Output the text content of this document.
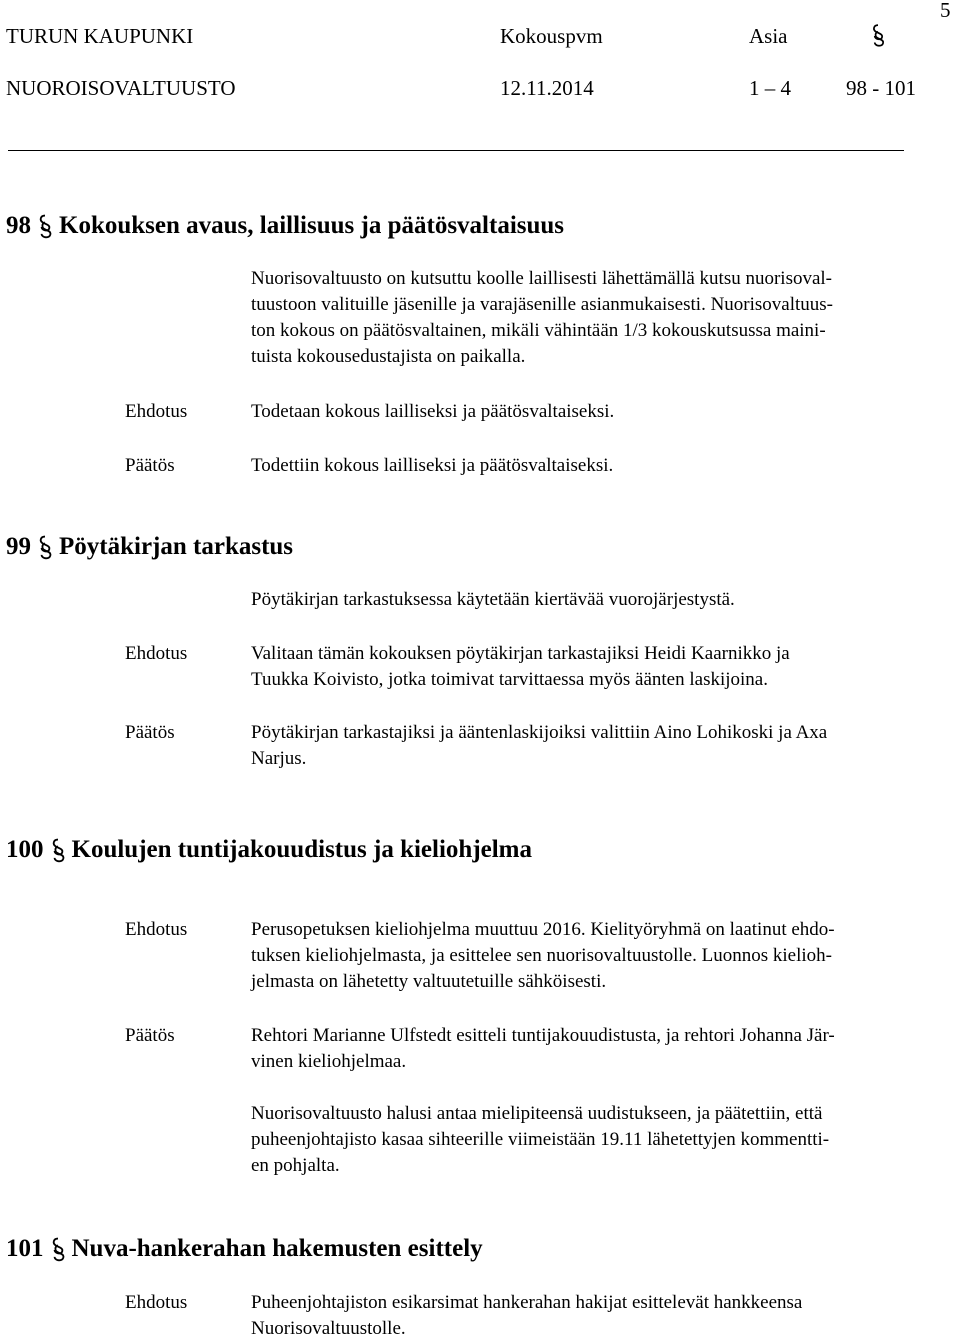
5
TURUN KAUPUNKI	Kokouspvm	Asia
NUOROISOVALTUUSTO	12.11.2014	1 – 4	98 - 101
98 Kokouksen avaus, laillisuus ja päätösvaltaisuus
Nuorisovaltuusto on kutsuttu koolle laillisesti lähettämällä kutsu nuorisoval-
tuustoon valituille jäsenille ja varajäsenille asianmukaisesti. Nuorisovaltuus-
ton kokous on päätösvaltainen, mikäli vähintään 1/3 kokouskutsussa maini-
tuista kokousedustajista on paikalla.
Ehdotus	Todetaan kokous lailliseksi ja päätösvaltaiseksi.
Päätös	Todettiin kokous lailliseksi ja päätösvaltaiseksi.
99 Pöytäkirjan tarkastus
Pöytäkirjan tarkastuksessa käytetään kiertävää vuorojärjestystä.
Ehdotus	Valitaan tämän kokouksen pöytäkirjan tarkastajiksi Heidi Kaarnikko ja
Tuukka Koivisto, jotka toimivat tarvittaessa myös äänten laskijoina.
Päätös	Pöytäkirjan tarkastajiksi ja ääntenlaskijoiksi valittiin Aino Lohikoski ja Axa
Narjus.
100 Koulujen tuntijakouudistus ja kieliohjelma
Ehdotus	Perusopetuksen kieliohjelma muuttuu 2016. Kielityöryhmä on laatinut ehdo-
tuksen kieliohjelmasta, ja esittelee sen nuorisovaltuustolle. Luonnos kielioh-
jelmasta on lähetetty valtuutetuille sähköisesti.
Päätös	Rehtori Marianne Ulfstedt esitteli tuntijakouudistusta, ja rehtori Johanna Jär-
vinen kieliohjelmaa.
Nuorisovaltuusto halusi antaa mielipiteensä uudistukseen, ja päätettiin, että
puheenjohtajisto kasaa sihteerille viimeistään 19.11 lähetettyjen kommentti-
en pohjalta.
101 Nuva-hankerahan hakemusten esittely
Ehdotus	Puheenjohtajiston esikarsimat hankerahan hakijat esittelevät hankkeensa
Nuorisovaltuustolle.
